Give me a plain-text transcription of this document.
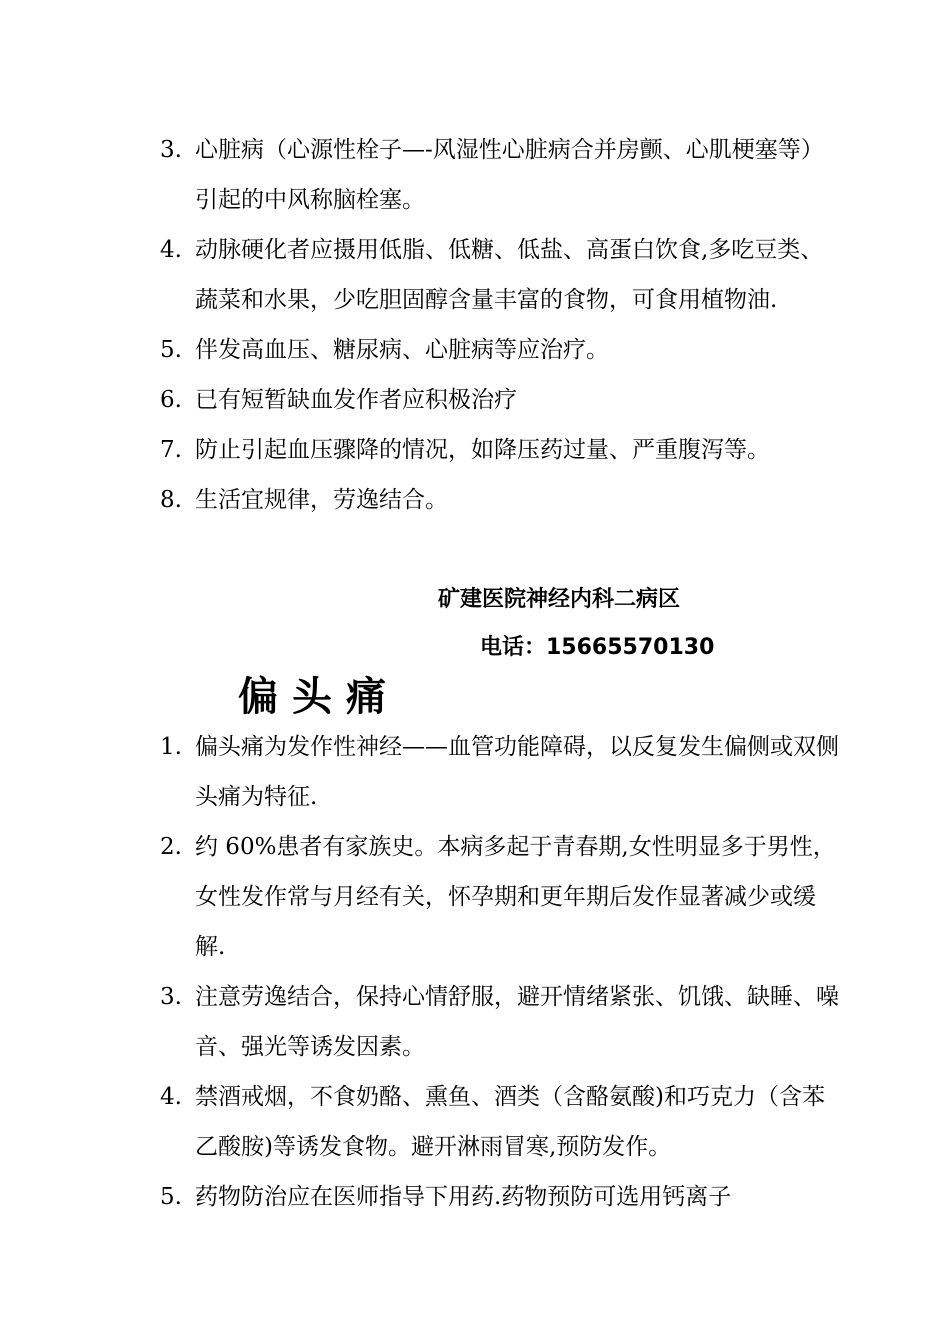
3. 心脏病（心源性栓子—-风湿性心脏病合并房颤、心肌梗塞等）引起的中风称脑栓塞。
4. 动脉硬化者应摄用低脂、低糖、低盐、高蛋白饮食,多吃豆类、蔬菜和水果，少吃胆固醇含量丰富的食物，可食用植物油.
5. 伴发高血压、糖尿病、心脏病等应治疗。
6. 已有短暂缺血发作者应积极治疗
7. 防止引起血压骤降的情况，如降压药过量、严重腹泻等。
8. 生活宜规律，劳逸结合。
矿建医院神经内科二病区
电话：15665570130
偏头痛
1. 偏头痛为发作性神经——血管功能障碍，以反复发生偏侧或双侧头痛为特征.
2. 约 60%患者有家族史。本病多起于青春期,女性明显多于男性，女性发作常与月经有关，怀孕期和更年期后发作显著减少或缓解.
3. 注意劳逸结合，保持心情舒服，避开情绪紧张、饥饿、缺睡、噪音、强光等诱发因素。
4. 禁酒戒烟，不食奶酪、熏鱼、酒类（含酪氨酸)和巧克力（含苯乙酸胺)等诱发食物。避开淋雨冒寒,预防发作。
5. 药物防治应在医师指导下用药.药物预防可选用钙离子
